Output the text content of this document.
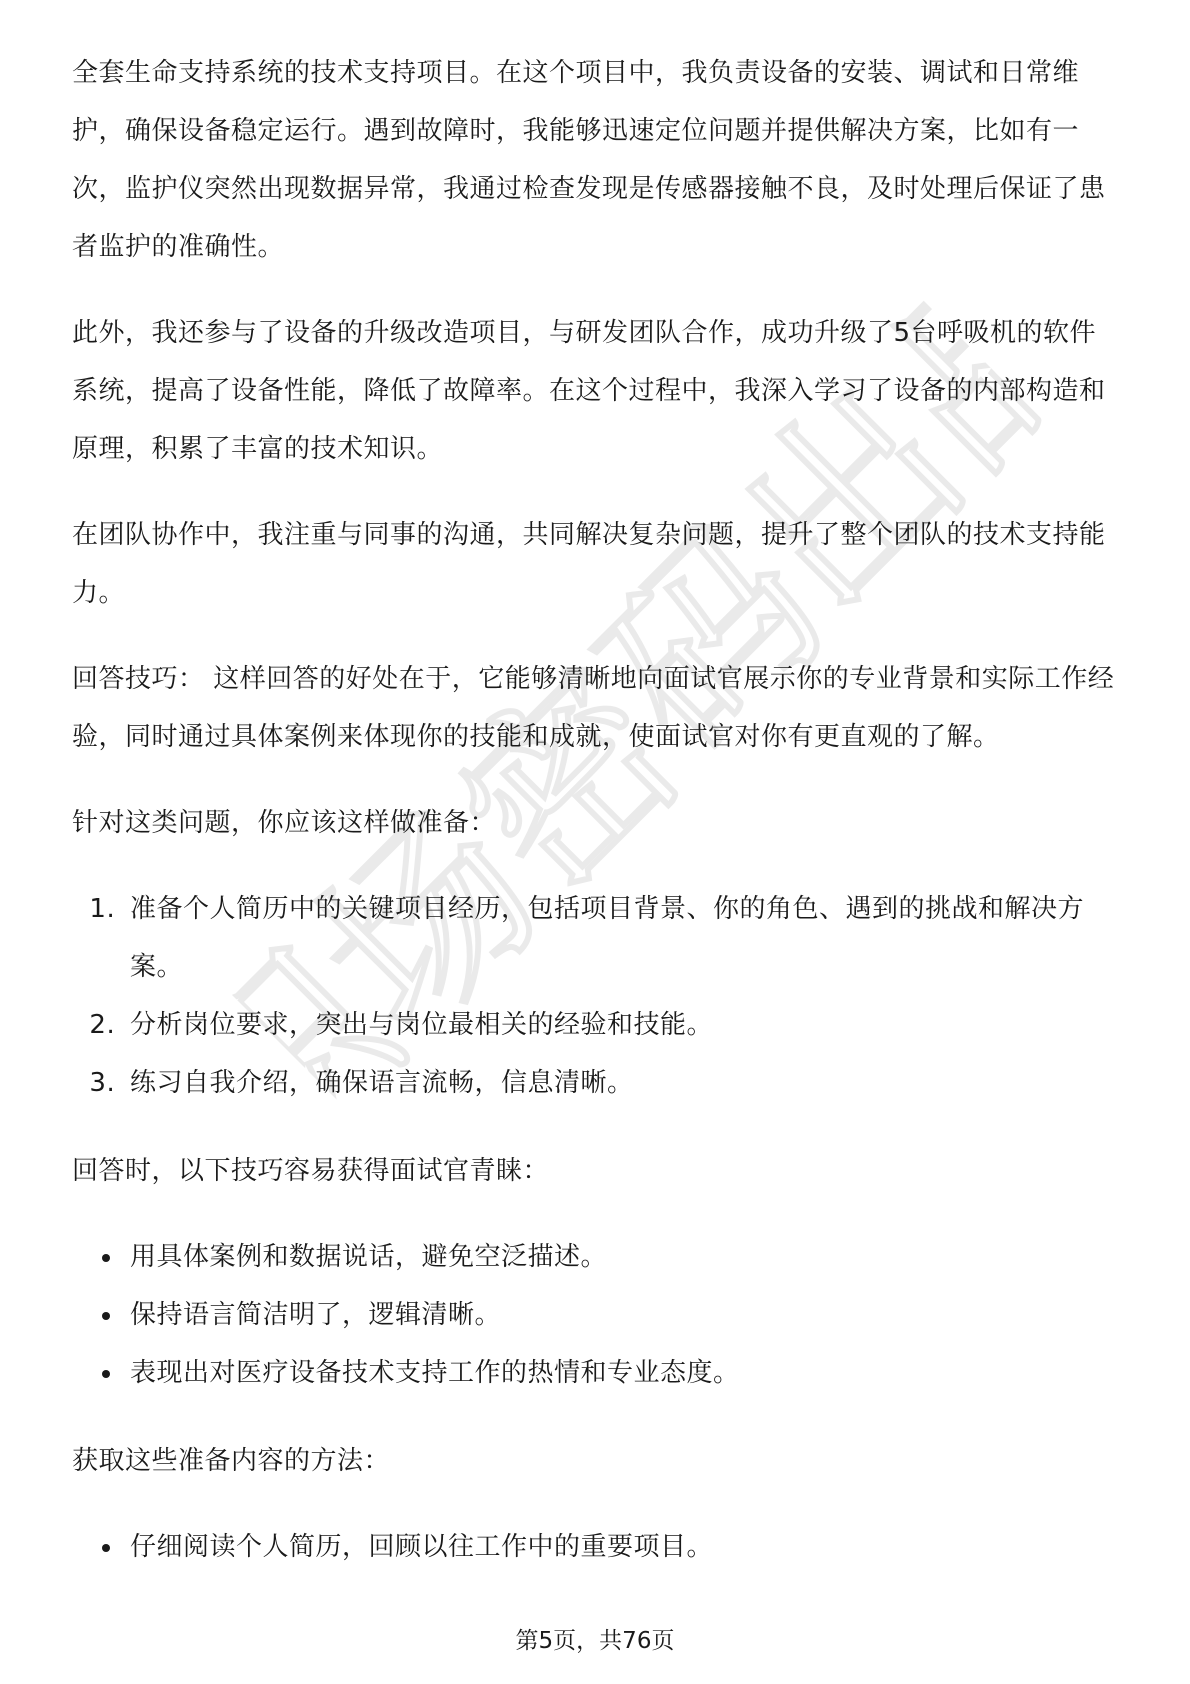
职场密码出品

全套生命支持系统的技术支持项目。在这个项目中，我负责设备的安装、调试和日常维护，确保设备稳定运行。遇到故障时，我能够迅速定位问题并提供解决方案，比如有一次，监护仪突然出现数据异常，我通过检查发现是传感器接触不良，及时处理后保证了患者监护的准确性。

此外，我还参与了设备的升级改造项目，与研发团队合作，成功升级了5台呼吸机的软件系统，提高了设备性能，降低了故障率。在这个过程中，我深入学习了设备的内部构造和原理，积累了丰富的技术知识。

在团队协作中，我注重与同事的沟通，共同解决复杂问题，提升了整个团队的技术支持能力。

回答技巧： 这样回答的好处在于，它能够清晰地向面试官展示你的专业背景和实际工作经验，同时通过具体案例来体现你的技能和成就，使面试官对你有更直观的了解。

针对这类问题，你应该这样做准备：

1. 准备个人简历中的关键项目经历，包括项目背景、你的角色、遇到的挑战和解决方案。
2. 分析岗位要求，突出与岗位最相关的经验和技能。
3. 练习自我介绍，确保语言流畅，信息清晰。

回答时，以下技巧容易获得面试官青睐：

• 用具体案例和数据说话，避免空泛描述。
• 保持语言简洁明了，逻辑清晰。
• 表现出对医疗设备技术支持工作的热情和专业态度。

获取这些准备内容的方法：

• 仔细阅读个人简历，回顾以往工作中的重要项目。
第5页，共76页
